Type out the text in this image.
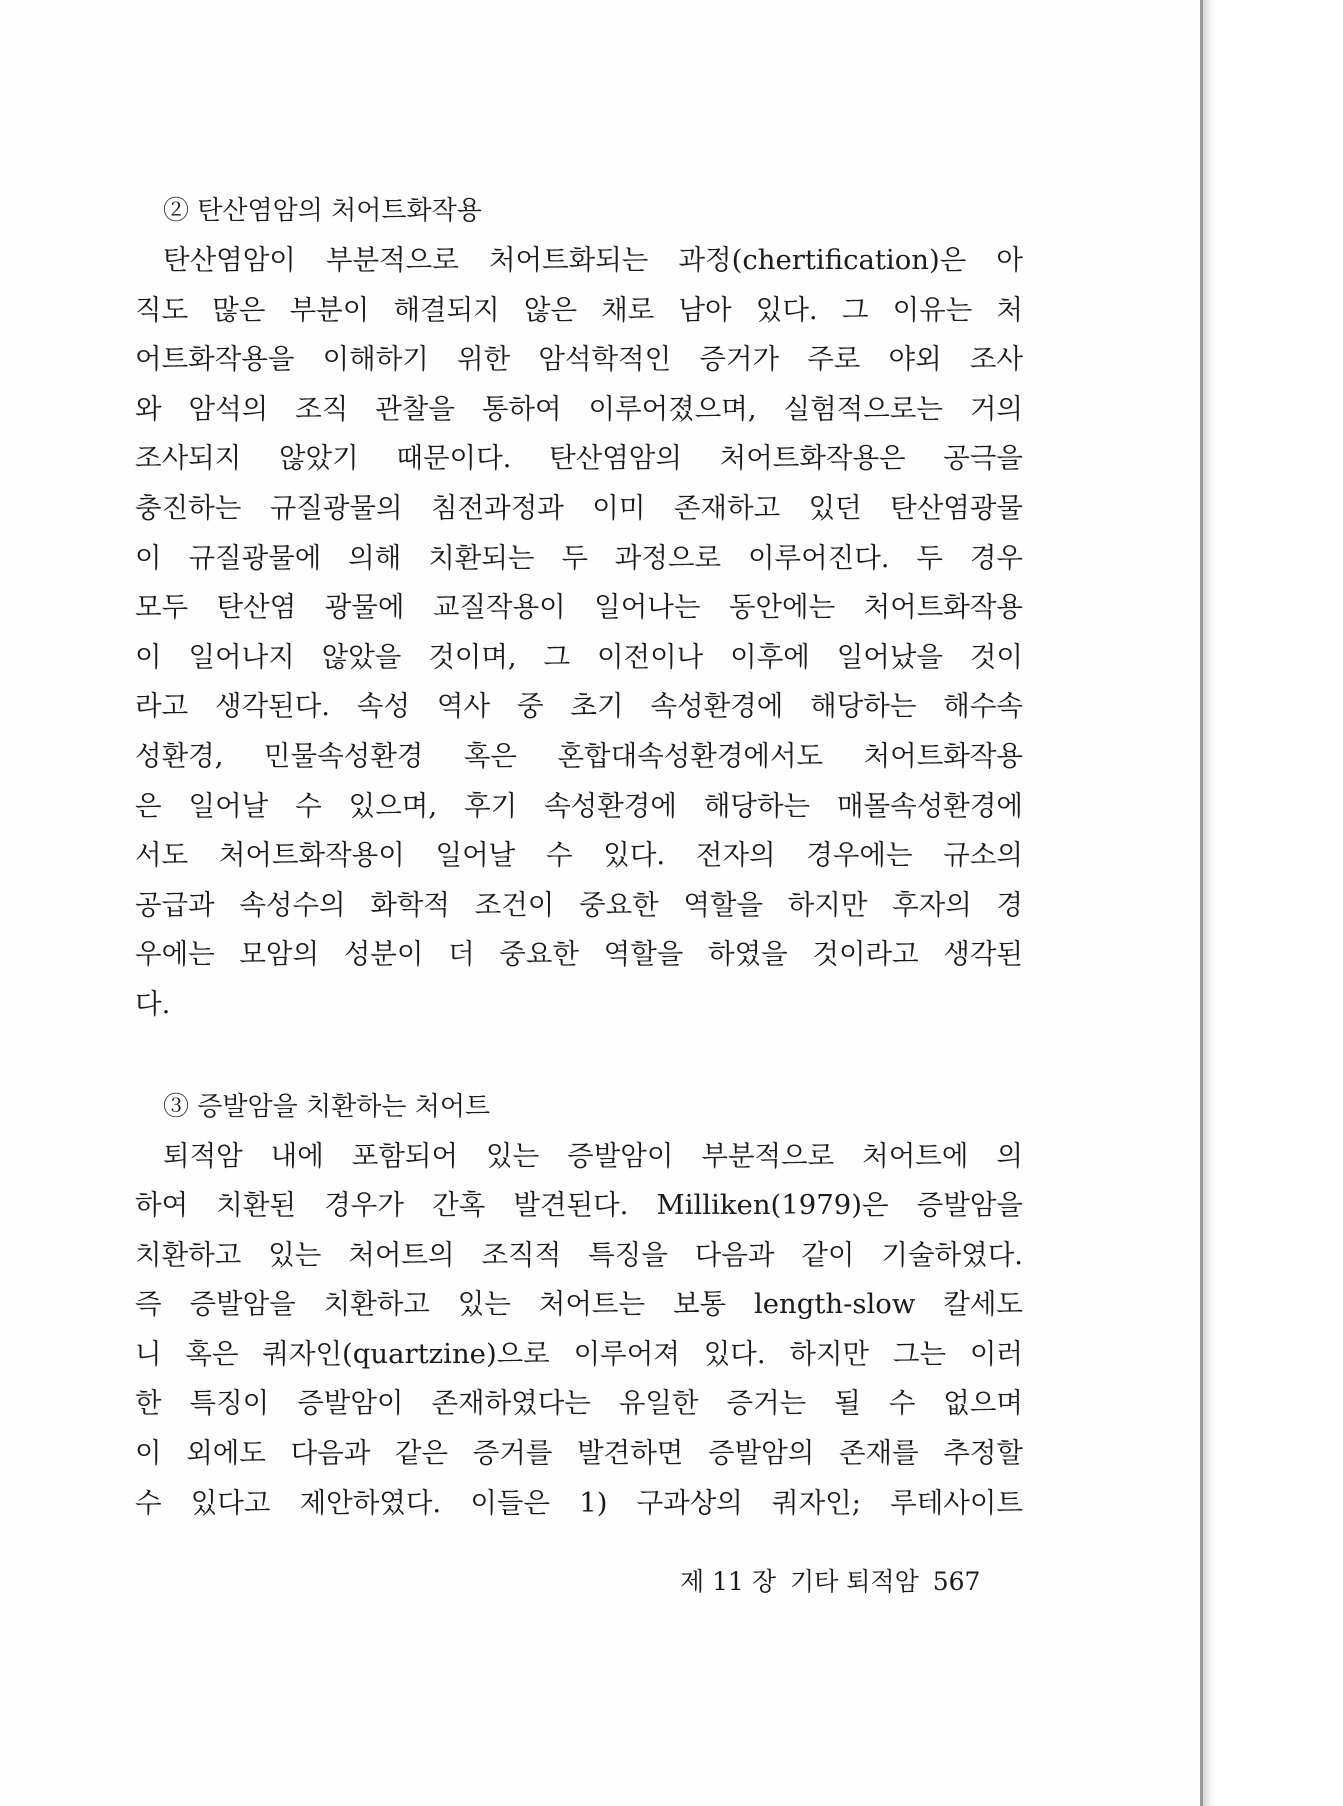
② 탄산염암의 처어트화작용
탄산염암이 부분적으로 처어트화되는 과정(chertification)은 아
직도 많은 부분이 해결되지 않은 채로 남아 있다. 그 이유는 처
어트화작용을 이해하기 위한 암석학적인 증거가 주로 야외 조사
와 암석의 조직 관찰을 통하여 이루어졌으며, 실험적으로는 거의
조사되지 않았기 때문이다. 탄산염암의 처어트화작용은 공극을
충진하는 규질광물의 침전과정과 이미 존재하고 있던 탄산염광물
이 규질광물에 의해 치환되는 두 과정으로 이루어진다. 두 경우
모두 탄산염 광물에 교질작용이 일어나는 동안에는 처어트화작용
이 일어나지 않았을 것이며, 그 이전이나 이후에 일어났을 것이
라고 생각된다. 속성 역사 중 초기 속성환경에 해당하는 해수속
성환경, 민물속성환경 혹은 혼합대속성환경에서도 처어트화작용
은 일어날 수 있으며, 후기 속성환경에 해당하는 매몰속성환경에
서도 처어트화작용이 일어날 수 있다. 전자의 경우에는 규소의
공급과 속성수의 화학적 조건이 중요한 역할을 하지만 후자의 경
우에는 모암의 성분이 더 중요한 역할을 하였을 것이라고 생각된
다.
③ 증발암을 치환하는 처어트
퇴적암 내에 포함되어 있는 증발암이 부분적으로 처어트에 의
하여 치환된 경우가 간혹 발견된다. Milliken(1979)은 증발암을
치환하고 있는 처어트의 조직적 특징을 다음과 같이 기술하였다.
즉 증발암을 치환하고 있는 처어트는 보통 length-slow 칼세도
니 혹은 쿼자인(quartzine)으로 이루어져 있다. 하지만 그는 이러
한 특징이 증발암이 존재하였다는 유일한 증거는 될 수 없으며
이 외에도 다음과 같은 증거를 발견하면 증발암의 존재를 추정할
수 있다고 제안하였다. 이들은 1) 구과상의 쿼자인; 루테사이트
제 11 장 기타 퇴적암 567
